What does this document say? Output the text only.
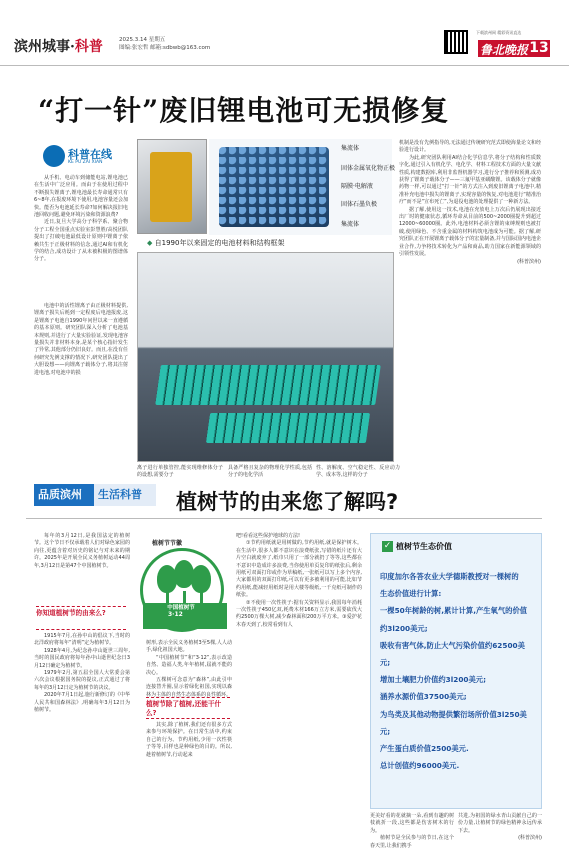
滨州城事·科普	2025.3.14 星期五
图编:张宏哲 邮箱:sdbwb@163.com
下载滨州网 精彩资讯直达
鲁北晚报 13
“打一针”废旧锂电池可无损修复
科普在线
KE PU ZAI XIAN
集流体
固体金属氧化物正极
隔膜·电解液
固体石墨负极
集流体
◆ 自1990年以来固定的电池材料和结构框架

从手机、电动车到储能电站,锂电池已在生活中广泛应用。而由于在使用过程中不断损失锂离子,锂电池最长寿命通常只有6~8年,在报废环境下使用,电池容量还会加快。能否为电池延长寿命?如何解决报旧电池回收问题,避免环境污染和资源浪费?

近日,复旦大学高分子科学系、聚合物分子工程全国重点实验室彭慧胜/高悦团队提出了打破电池最低设计原则中锂离子依赖共生于正极材料的信念,通过AI和有机化学的结合,成功设计了从未被积极的图谱体分子。

电池中的活性锂离子由正极材料提供,锂离子损失后耗到一定程度后电池报废,这是锂离子电池自1990年问世以来一直遵循的基本原则。研究团队深入分析了电池基本规则,并进行了大量实验验证,发现电池容量损失并非材料本身,是某个核心指针发生了异常,其他部分仍旧良好。而且,在没有任何研究先例支撑的情况下,研究团队提出了大胆设想——向锂离子载体分子,将其注射进电池,对电池中的损

离子进行单独管控,能实现维修体分子的设想,需要分子

具备严格且复杂的物理化学性质,包括分子的电化学活

性、溶解度、空气稳定性、反应动力学、成本等,这样的分子

机制是没有先例指导的,无法通过传统研究范式即使海量论文和经验进行设计。

为此,研究团队利用AI结合化学信息学,将分子结构和性质数字化,通过引入有机化学、电化学、材料工程技术方面的大量文献性质,构建数据库,利用非监督机器学习,进行分子推荐和预测,成功获得了锂离子载体分子——三氟甲基亚磺酸锂。该载体分子就像药物一样,可以通过“打一针”的方式注入到废旧锂离子电池中,精准补充电池中损失的锂离子,实现容量的恢复,对电池进行“精准治疗”而不是“宣布死亡”,为退役电池的处理提供了一种新方法。

据了解,使用这一技术,电池在充放电上万次后仍展现出接近出厂时的健康状态,循环寿命从目前的500~2000圈提升到超过12000~60000圈。此外,电池材料必须含锂的束缚规则也被打破,使用绿色、不含重金属的材料构筑电池成为可能。据了解,研究团队正在开展锂离子载体分子的宏量制备,并与国际国内电池企业合作,力争将技术转化为产品和商品,助力国家在新能源领域的引领性发展。

(科普滨州)

品质滨州	生活科普	植树节的由来您了解吗?

每年的3月12日,是我国法定的植树节。这个节日不仅承载着人们对绿色家园的向往,更蕴含着对历史的铭记与对未来的期许。2025年是开展全民义务植树运动44周年,3月12日是第47个中国植树节。

你知道植树节的由来么?

1915年7月,在孙中山的倡议下,当时的北洋政府将每年“清明”定为植树节。

1928年4月,为纪念孙中山逝世三周年,当时的国民政府将每年孙中山逝世纪念日3月12日确定为植树节。

1979年2月,第五届全国人大常委会第六次会议根据国务院的提议,正式通过了将每年的3月12日定为植树节的决议。

2020年7月1日起,施行新修订的《中华人民共和国森林法》,明确每年3月12日为植树节。

植树节节徽
中国植树节
3·12

树形,表示全民义务植树3至5棵,人人动手,绿化祖国大地。

“中国植树节”和“3·12”,表示改造自然、造福人类,年年植树,届就不能的决心。

五棵树可念意为“森林”,由此引申连接替升圈,显示着绿化祖国,实现以森林为主体的自然生态体系的良性循环。

植树节除了植树,还能干什么?

其实,除了植树,我们还有很多方式来参与环境保护。在日常生活中,约束自己的行为、节约用纸,少用一次性筷子等等,目样也是种绿色的目的。所以,趁着植树节,行动起来

吧!看看这些保护地球的方法!

①节约用纸就是用树做的,节约用纸,就是保护树木。在生活中,很多人都不意识在浪费纸张,写错的纸片还有大片空白就废弃了,纸巾只用了一部分就扔了等等,这些都在不意识中造成许多浪费,当你使用单页复印的纸张后,剩余用纸可双面打印或作为草稿纸,一张纸可以写上多个内容,大家都用的双面打印纸,可以有更多被利用的可能,比如节约用纸,能减轻用纸时是用大楼等级纸,一千克纸可制作的纸张。

②不使用一次性筷子:据有关资料显示,我国每年消耗一次性筷子450亿双,耗费木材166万立方米,需要砍伐大约2500万棵大树,减少森林面积200万平方米。③爱护花木春天到了,校常看到有人

✓ 植树节生态价值
印度加尔各答农业大学德斯教授对一棵树的
生态价值进行计算:
一棵50年树龄的树,累计计算,产生氧气的价值
约3l200美元;
吸收有害气体,防止大气污染价值约62500美
元;
增加土壤肥力价值约3l200美元;
涵养水源价值37500美元;
为鸟类及其他动物提供繁衍场所价值3l250美
元;
产生蛋白质价值2500美元.
总计创值约96000美元.

更美好看的花就摘一朵,看到有趣的树枝就折一段,这些都是伤害树木的行为。

植树节是全民参与的节日,在这个春天里,让我们携手

共进,为祖国的绿水青山贡献自己的一份力量,让植树节的绿色精神永远传承下去。

(科普滨州)
